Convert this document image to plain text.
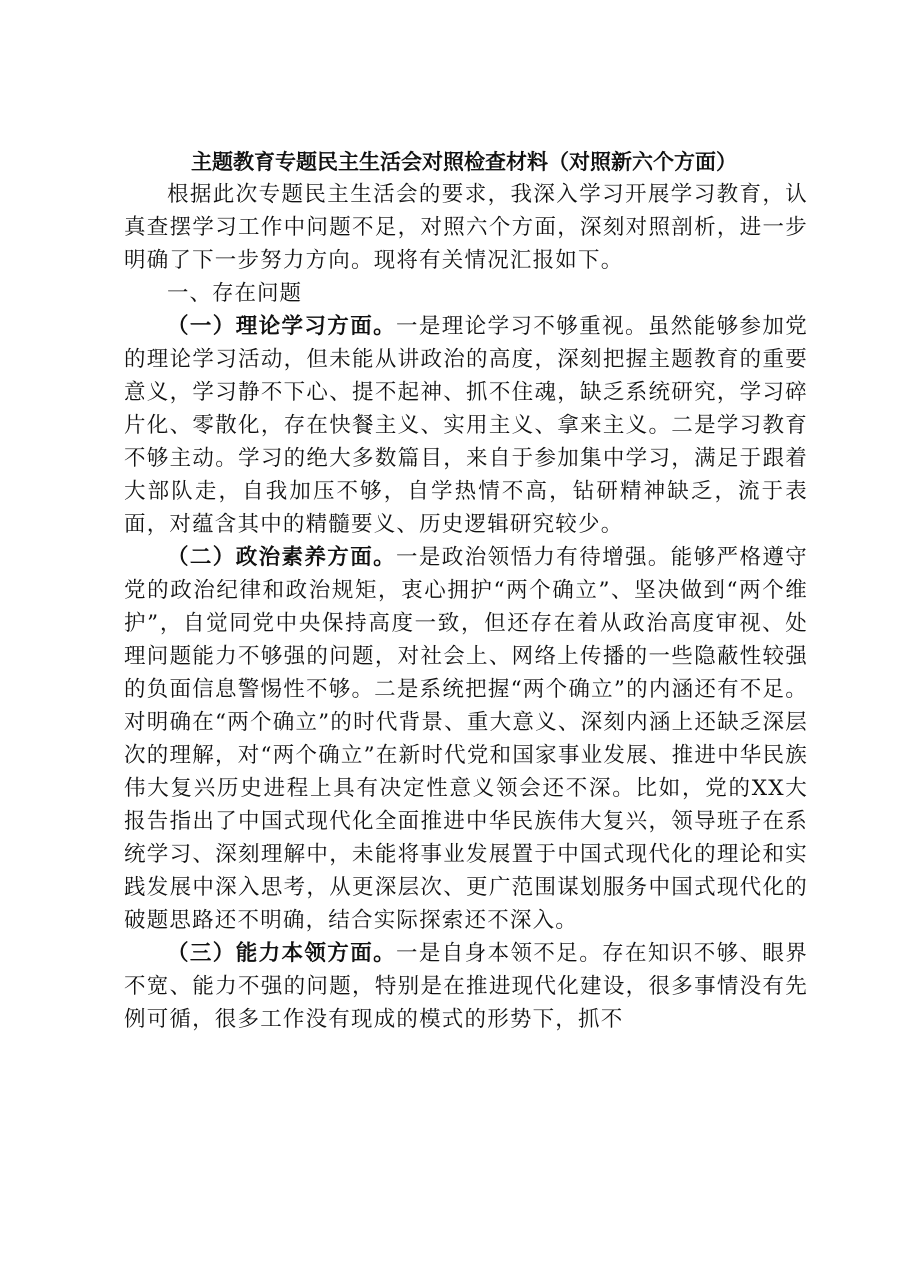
主题教育专题民主生活会对照检查材料（对照新六个方面）

根据此次专题民主生活会的要求，我深入学习开展学习教育，认真查摆学习工作中问题不足，对照六个方面，深刻对照剖析，进一步明确了下一步努力方向。现将有关情况汇报如下。

一、存在问题

（一）理论学习方面。一是理论学习不够重视。虽然能够参加党的理论学习活动，但未能从讲政治的高度，深刻把握主题教育的重要意义，学习静不下心、提不起神、抓不住魂，缺乏系统研究，学习碎片化、零散化，存在快餐主义、实用主义、拿来主义。二是学习教育不够主动。学习的绝大多数篇目，来自于参加集中学习，满足于跟着大部队走，自我加压不够，自学热情不高，钻研精神缺乏，流于表面，对蕴含其中的精髓要义、历史逻辑研究较少。

（二）政治素养方面。一是政治领悟力有待增强。能够严格遵守党的政治纪律和政治规矩，衷心拥护“两个确立”、坚决做到“两个维护”，自觉同党中央保持高度一致，但还存在着从政治高度审视、处理问题能力不够强的问题，对社会上、网络上传播的一些隐蔽性较强的负面信息警惕性不够。二是系统把握“两个确立”的内涵还有不足。对明确在“两个确立”的时代背景、重大意义、深刻内涵上还缺乏深层次的理解，对“两个确立”在新时代党和国家事业发展、推进中华民族伟大复兴历史进程上具有决定性意义领会还不深。比如，党的XX大报告指出了中国式现代化全面推进中华民族伟大复兴，领导班子在系统学习、深刻理解中，未能将事业发展置于中国式现代化的理论和实践发展中深入思考，从更深层次、更广范围谋划服务中国式现代化的破题思路还不明确，结合实际探索还不深入。

（三）能力本领方面。一是自身本领不足。存在知识不够、眼界不宽、能力不强的问题，特别是在推进现代化建设，很多事情没有先例可循，很多工作没有现成的模式的形势下，抓不
